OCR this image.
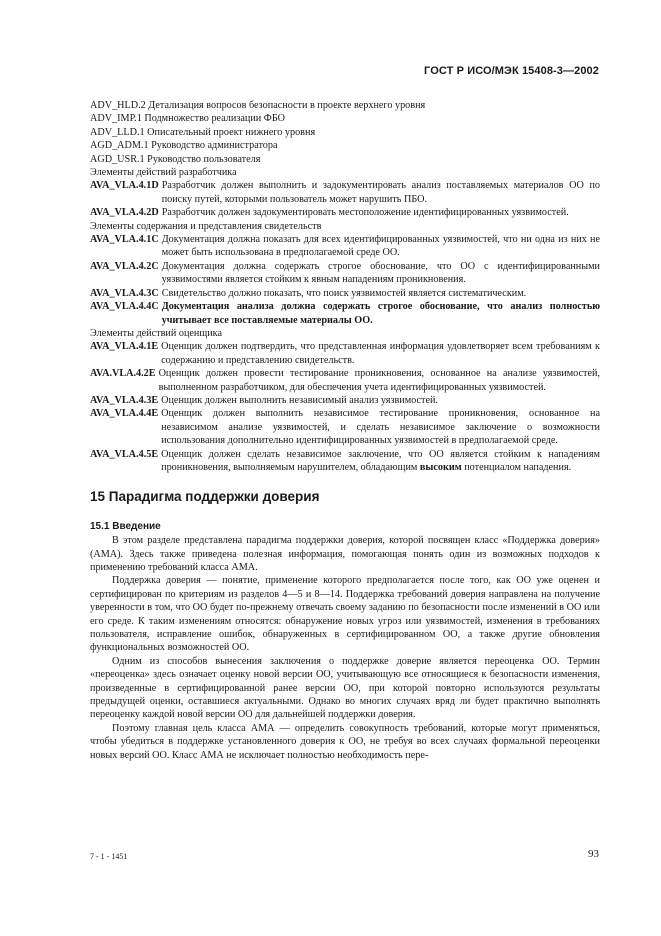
ГОСТ Р ИСО/МЭК 15408-3—2002
ADV_HLD.2 Детализация вопросов безопасности в проекте верхнего уровня
ADV_IMP.1 Подмножество реализации ФБО
ADV_LLD.1 Описательный проект нижнего уровня
AGD_ADM.1 Руководство администратора
AGD_USR.1 Руководство пользователя
Элементы действий разработчика
AVA_VLA.4.1D Разработчик должен выполнить и задокументировать анализ поставляемых материалов ОО по поиску путей, которыми пользователь может нарушить ПБО.
AVA_VLA.4.2D Разработчик должен задокументировать местоположение идентифицированных уязвимостей.
Элементы содержания и представления свидетельств
AVA_VLA.4.1C Документация должна показать для всех идентифицированных уязвимостей, что ни одна из них не может быть использована в предполагаемой среде ОО.
AVA_VLA.4.2C Документация должна содержать строгое обоснование, что ОО с идентифицированными уязвимостями является стойким к явным нападениям проникновения.
AVA_VLA.4.3C Свидетельство должно показать, что поиск уязвимостей является систематическим.
AVA_VLA.4.4C Документация анализа должна содержать строгое обоснование, что анализ полностью учитывает все поставляемые материалы ОО.
Элементы действий оценщика
AVA_VLA.4.1E Оценщик должен подтвердить, что представленная информация удовлетворяет всем требованиям к содержанию и представлению свидетельств.
AVA.VLA.4.2E Оценщик должен провести тестирование проникновения, основанное на анализе уязвимостей, выполненном разработчиком, для обеспечения учета идентифицированных уязвимостей.
AVA_VLA.4.3E Оценщик должен выполнить независимый анализ уязвимостей.
AVA_VLA.4.4E Оценщик должен выполнить независимое тестирование проникновения, основанное на независимом анализе уязвимостей, и сделать независимое заключение о возможности использования дополнительно идентифицированных уязвимостей в предполагаемой среде.
AVA_VLA.4.5E Оценщик должен сделать независимое заключение, что ОО является стойким к нападениям проникновения, выполняемым нарушителем, обладающим высоким потенциалом нападения.
15 Парадигма поддержки доверия
15.1 Введение
В этом разделе представлена парадигма поддержки доверия, которой посвящен класс «Поддержка доверия» (АМА). Здесь также приведена полезная информация, помогающая понять один из возможных подходов к применению требований класса АМА.
Поддержка доверия — понятие, применение которого предполагается после того, как ОО уже оценен и сертифицирован по критериям из разделов 4—5 и 8—14. Поддержка требований доверия направлена на получение уверенности в том, что ОО будет по-прежнему отвечать своему заданию по безопасности после изменений в ОО или его среде. К таким изменениям относятся: обнаружение новых угроз или уязвимостей, изменения в требованиях пользователя, исправление ошибок, обнаруженных в сертифицированном ОО, а также другие обновления функциональных возможностей ОО.
Одним из способов вынесения заключения о поддержке доверие является переоценка ОО. Термин «переоценка» здесь означает оценку новой версии ОО, учитывающую все относящиеся к безопасности изменения, произведенные в сертифицированной ранее версии ОО, при которой повторно используются результаты предыдущей оценки, оставшиеся актуальными. Однако во многих случаях вряд ли будет практично выполнять переоценку каждой новой версии ОО для дальнейшей поддержки доверия.
Поэтому главная цель класса АМА — определить совокупность требований, которые могут применяться, чтобы убедиться в поддержке установленного доверия к ОО, не требуя во всех случаях формальной переоценки новых версий ОО. Класс АМА не исключает полностью необходимость пере-
7 - 1 - 1451	93
